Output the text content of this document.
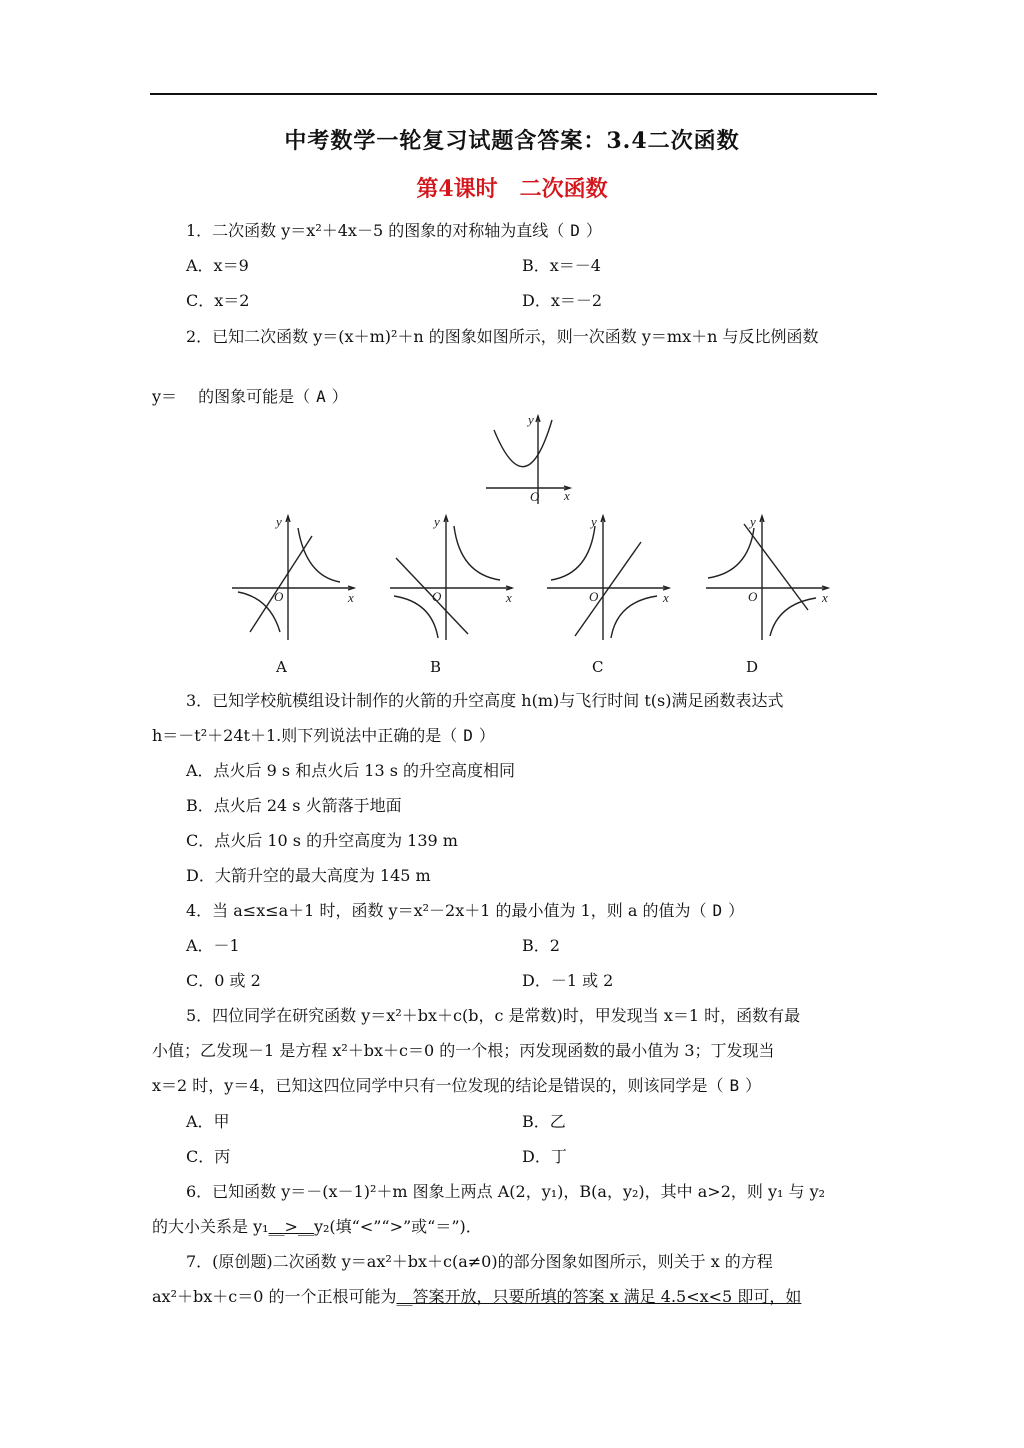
中考数学一轮复习试题含答案：3.4二次函数
第4课时　二次函数
1．二次函数 y＝x²＋4x－5 的图象的对称轴为直线（ D ）
A．x＝9	B．x＝－4
C．x＝2	D．x＝－2
2．已知二次函数 y＝(x＋m)²＋n 的图象如图所示，则一次函数 y＝mx＋n 与反比例函数
y＝　 的图象可能是（ A ）
x
y
O
x
y
O	x
y
O	x
y
O	x
y
O
A	B	C	D
3．已知学校航模组设计制作的火箭的升空高度 h(m)与飞行时间 t(s)满足函数表达式
h＝－t²＋24t＋1.则下列说法中正确的是（ D ）
A．点火后 9 s 和点火后 13 s 的升空高度相同
B．点火后 24 s 火箭落于地面
C．点火后 10 s 的升空高度为 139 m
D．大箭升空的最大高度为 145 m
4．当 a≤x≤a＋1 时，函数 y＝x²－2x＋1 的最小值为 1，则 a 的值为（ D ）
A．－1	B．2
C．0 或 2	D．－1 或 2
5．四位同学在研究函数 y＝x²＋bx＋c(b，c 是常数)时，甲发现当 x＝1 时，函数有最
小值；乙发现－1 是方程 x²＋bx＋c＝0 的一个根；丙发现函数的最小值为 3；丁发现当
x＝2 时，y＝4，已知这四位同学中只有一位发现的结论是错误的，则该同学是（ B ）
A．甲	B．乙
C．丙	D．丁
6．已知函数 y＝－(x－1)²＋m 图象上两点 A(2，y₁)，B(a，y₂)，其中 a>2，则 y₁ 与 y₂
的大小关系是 y₁__>__y₂(填“<”“>”或“＝”)．
7．(原创题)二次函数 y＝ax²＋bx＋c(a≠0)的部分图象如图所示，则关于 x 的方程
ax²＋bx＋c＝0 的一个正根可能为__答案开放，只要所填的答案 x 满足 4.5<x<5 即可，如
